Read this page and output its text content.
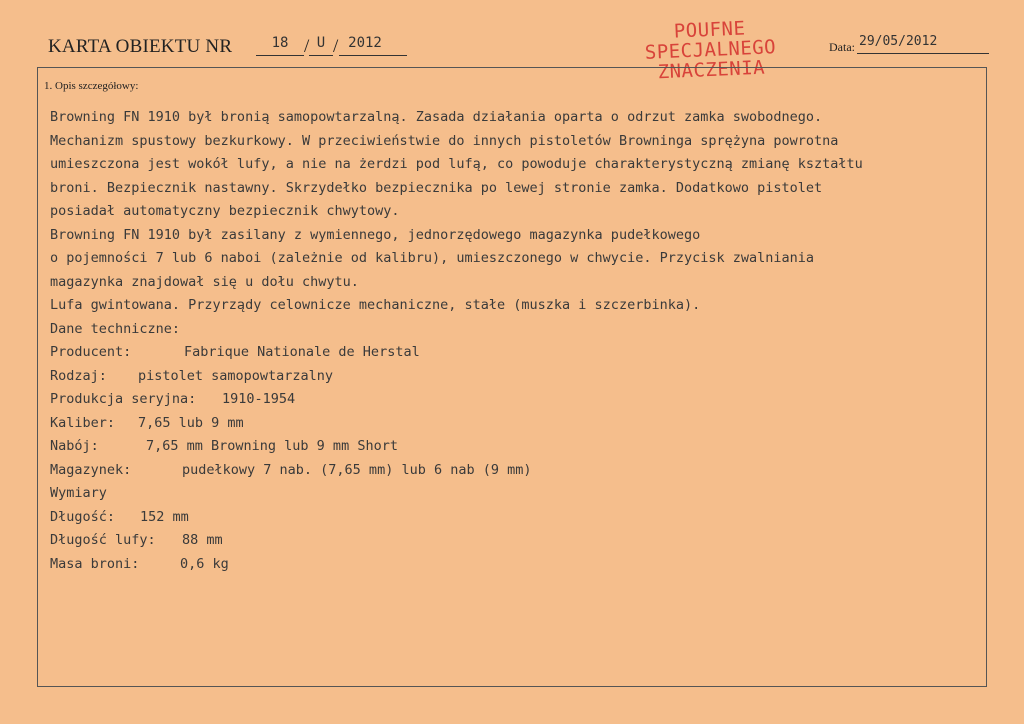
KARTA OBIEKTU NR	18 / U / 2012
POUFNE
SPECJALNEGO
ZNACZENIA
Data: 29/05/2012
1. Opis szczegółowy:
Browning FN 1910 był bronią samopowtarzalną. Zasada działania oparta o odrzut zamka swobodnego.
Mechanizm spustowy bezkurkowy. W przeciwieństwie do innych pistoletów Browninga sprężyna powrotna
umieszczona jest wokół lufy, a nie na żerdzi pod lufą, co powoduje charakterystyczną zmianę kształtu
broni. Bezpiecznik nastawny. Skrzydełko bezpiecznika po lewej stronie zamka. Dodatkowo pistolet
posiadał automatyczny bezpiecznik chwytowy.
Browning FN 1910 był zasilany z wymiennego, jednorzędowego magazynka pudełkowego
o pojemności 7 lub 6 naboi (zależnie od kalibru), umieszczonego w chwycie. Przycisk zwalniania
magazynka znajdował się u dołu chwytu.
Lufa gwintowana. Przyrządy celownicze mechaniczne, stałe (muszka i szczerbinka).
Dane techniczne:
Producent:	Fabrique Nationale de Herstal
Rodzaj: pistolet samopowtarzalny
Produkcja seryjna: 1910-1954
Kaliber: 7,65 lub 9 mm
Nabój:	7,65 mm Browning lub 9 mm Short
Magazynek:	pudełkowy 7 nab. (7,65 mm) lub 6 nab (9 mm)
Wymiary
Długość: 152 mm
Długość lufy: 88 mm
Masa broni:	0,6 kg
